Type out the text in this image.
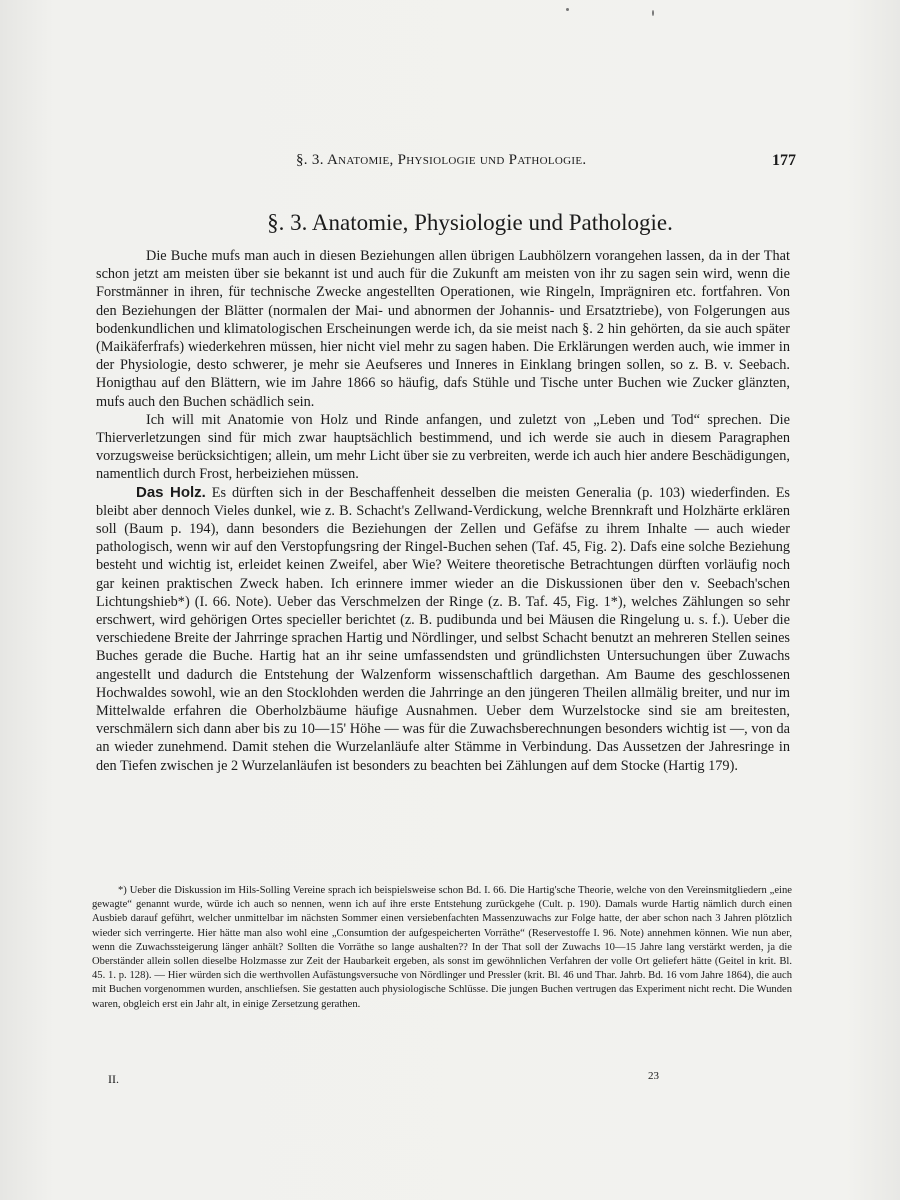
§. 3. Anatomie, Physiologie und Pathologie.	177
§. 3. Anatomie, Physiologie und Pathologie.

Die Buche mufs man auch in diesen Beziehungen allen übrigen Laubhölzern vorangehen lassen, da in der That schon jetzt am meisten über sie bekannt ist und auch für die Zukunft am meisten von ihr zu sagen sein wird, wenn die Forstmänner in ihren, für technische Zwecke angestellten Operationen, wie Ringeln, Imprägniren etc. fortfahren. Von den Beziehungen der Blätter (normalen der Mai- und abnormen der Johannis- und Ersatztriebe), von Folgerungen aus bodenkundlichen und klimatologischen Erscheinungen werde ich, da sie meist nach §. 2 hin gehörten, da sie auch später (Maikäferfrafs) wiederkehren müssen, hier nicht viel mehr zu sagen haben. Die Erklärungen werden auch, wie immer in der Physiologie, desto schwerer, je mehr sie Aeufseres und Inneres in Einklang bringen sollen, so z. B. v. Seebach. Honigthau auf den Blättern, wie im Jahre 1866 so häufig, dafs Stühle und Tische unter Buchen wie Zucker glänzten, mufs auch den Buchen schädlich sein.

Ich will mit Anatomie von Holz und Rinde anfangen, und zuletzt von „Leben und Tod“ sprechen. Die Thierverletzungen sind für mich zwar hauptsächlich bestimmend, und ich werde sie auch in diesem Paragraphen vorzugsweise berücksichtigen; allein, um mehr Licht über sie zu verbreiten, werde ich auch hier andere Beschädigungen, namentlich durch Frost, herbeiziehen müssen.

Das Holz. Es dürften sich in der Beschaffenheit desselben die meisten Generalia (p. 103) wiederfinden. Es bleibt aber dennoch Vieles dunkel, wie z. B. Schacht's Zellwand-Verdickung, welche Brennkraft und Holzhärte erklären soll (Baum p. 194), dann besonders die Beziehungen der Zellen und Gefäfse zu ihrem Inhalte — auch wieder pathologisch, wenn wir auf den Verstopfungsring der Ringel-Buchen sehen (Taf. 45, Fig. 2). Dafs eine solche Beziehung besteht und wichtig ist, erleidet keinen Zweifel, aber Wie? Weitere theoretische Betrachtungen dürften vorläufig noch gar keinen praktischen Zweck haben. Ich erinnere immer wieder an die Diskussionen über den v. Seebach'schen Lichtungshieb*) (I. 66. Note). Ueber das Verschmelzen der Ringe (z. B. Taf. 45, Fig. 1*), welches Zählungen so sehr erschwert, wird gehörigen Ortes specieller berichtet (z. B. pudibunda und bei Mäusen die Ringelung u. s. f.). Ueber die verschiedene Breite der Jahrringe sprachen Hartig und Nördlinger, und selbst Schacht benutzt an mehreren Stellen seines Buches gerade die Buche. Hartig hat an ihr seine umfassendsten und gründlichsten Untersuchungen über Zuwachs angestellt und dadurch die Entstehung der Walzenform wissenschaftlich dargethan. Am Baume des geschlossenen Hochwaldes sowohl, wie an den Stocklohden werden die Jahrringe an den jüngeren Theilen allmälig breiter, und nur im Mittelwalde erfahren die Oberholzbäume häufige Ausnahmen. Ueber dem Wurzelstocke sind sie am breitesten, verschmälern sich dann aber bis zu 10—15' Höhe — was für die Zuwachsberechnungen besonders wichtig ist —, von da an wieder zunehmend. Damit stehen die Wurzelanläufe alter Stämme in Verbindung. Das Aussetzen der Jahresringe in den Tiefen zwischen je 2 Wurzelanläufen ist besonders zu beachten bei Zählungen auf dem Stocke (Hartig 179).

*) Ueber die Diskussion im Hils-Solling Vereine sprach ich beispielsweise schon Bd. I. 66. Die Hartig'sche Theorie, welche von den Vereinsmitgliedern „eine gewagte“ genannt wurde, würde ich auch so nennen, wenn ich auf ihre erste Entstehung zurückgehe (Cult. p. 190). Damals wurde Hartig nämlich durch einen Ausbieb darauf geführt, welcher unmittelbar im nächsten Sommer einen versiebenfachten Massenzuwachs zur Folge hatte, der aber schon nach 3 Jahren plötzlich wieder sich verringerte. Hier hätte man also wohl eine „Consumtion der aufgespeicherten Vorräthe“ (Reservestoffe I. 96. Note) annehmen können. Wie nun aber, wenn die Zuwachssteigerung länger anhält? Sollten die Vorräthe so lange aushalten?? In der That soll der Zuwachs 10—15 Jahre lang verstärkt werden, ja die Oberständer allein sollen dieselbe Holzmasse zur Zeit der Haubarkeit ergeben, als sonst im gewöhnlichen Verfahren der volle Ort geliefert hätte (Geitel in krit. Bl. 45. 1. p. 128). — Hier würden sich die werthvollen Aufästungsversuche von Nördlinger und Pressler (krit. Bl. 46 und Thar. Jahrb. Bd. 16 vom Jahre 1864), die auch mit Buchen vorgenommen wurden, anschliefsen. Sie gestatten auch physiologische Schlüsse. Die jungen Buchen vertrugen das Experiment nicht recht. Die Wunden waren, obgleich erst ein Jahr alt, in einige Zersetzung gerathen.

II.	23
